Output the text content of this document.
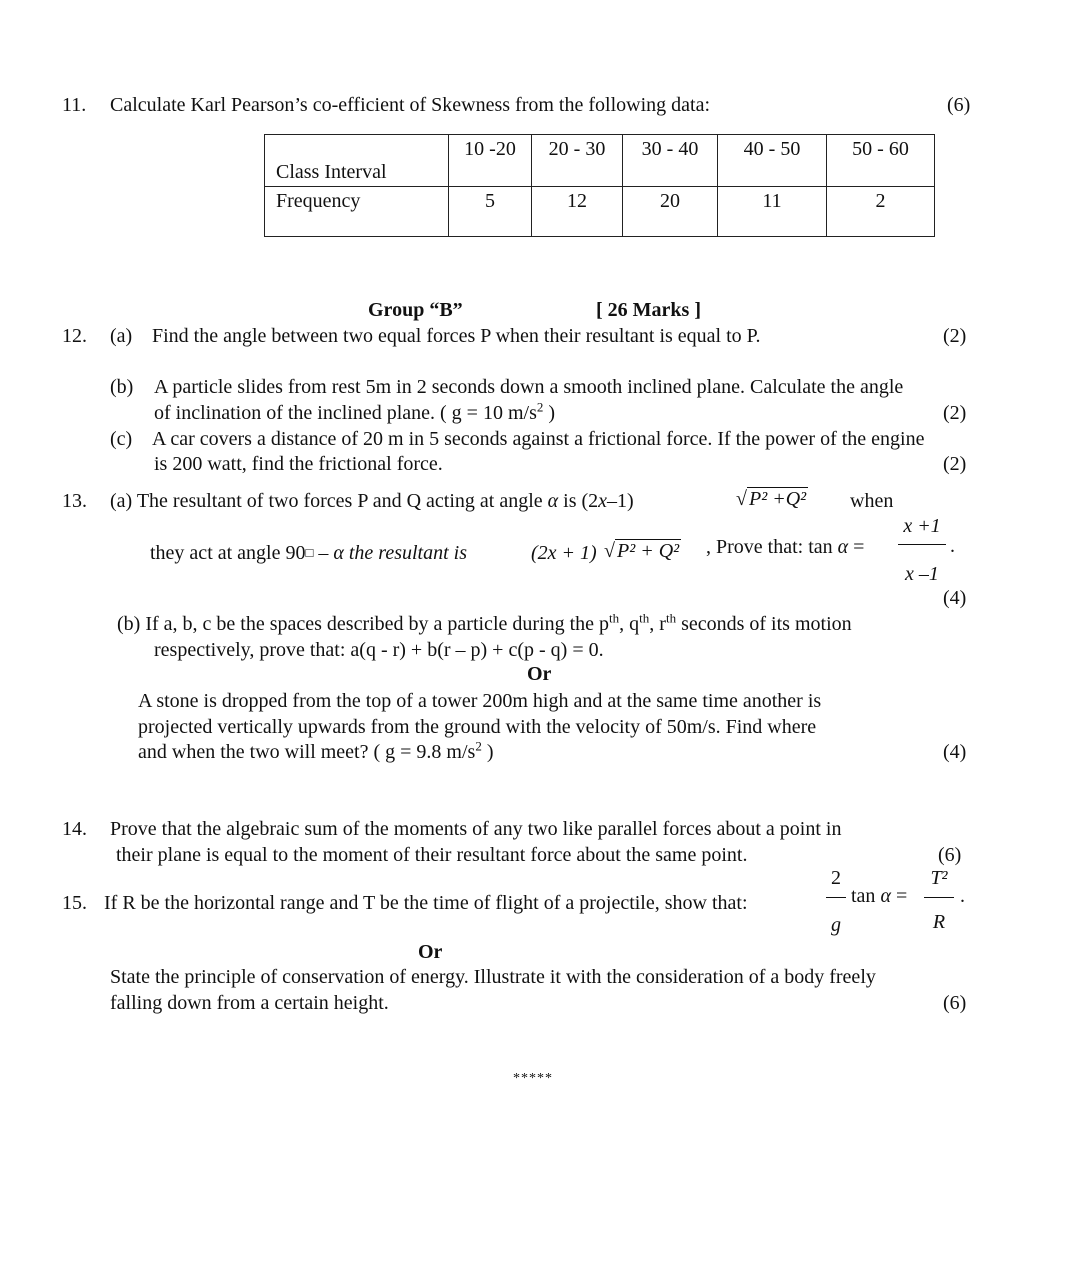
11. Calculate Karl Pearson’s co-efficient of Skewness from the following data:	(6)
Class Interval	10 -20	20 - 30	30 - 40	40 - 50	50 - 60
Frequency	5	12	20	11	2
Group “B”	[ 26 Marks ]
12. (a) Find the angle between two equal forces P when their resultant is equal to P.	(2)
(b) A particle slides from rest 5m in 2 seconds down a smooth inclined plane. Calculate the angle
of inclination of the inclined plane. ( g = 10 $m/s^2$ )	(2)
(c) A car covers a distance of 20 m in 5 seconds against a frictional force. If the power of the engine
is 200 watt, find the frictional force.	(2)
13. (a) The resultant of two forces P and Q acting at angle α is (2x–1)	√ P² +Q² when
they act at angle 90□ – α the resultant is	(2x + 1) √ P² + Q² , Prove that: tan α =
x +1
x –1
.
(4)
(b) If a, b, c be the spaces described by a particle during the $p^{th}$, $q^{th}$, $r^{th}$ seconds of its motion
respectively, prove that: a(q - r) + b(r – p) + c(p - q) = 0.
Or
A stone is dropped from the top of a tower 200m high and at the same time another is
projected vertically upwards from the ground with the velocity of 50m/s. Find where
and when the two will meet? ( g = 9.8 $m/s^2$ )	(4)
14. Prove that the algebraic sum of the moments of any two like parallel forces about a point in
their plane is equal to the moment of their resultant force about the same point.	(6)
15. If R be the horizontal range and T be the time of flight of a projectile, show that:
2
g
tan α =
T²
R
.
Or
State the principle of conservation of energy. Illustrate it with the consideration of a body freely
falling down from a certain height.	(6)
*****
